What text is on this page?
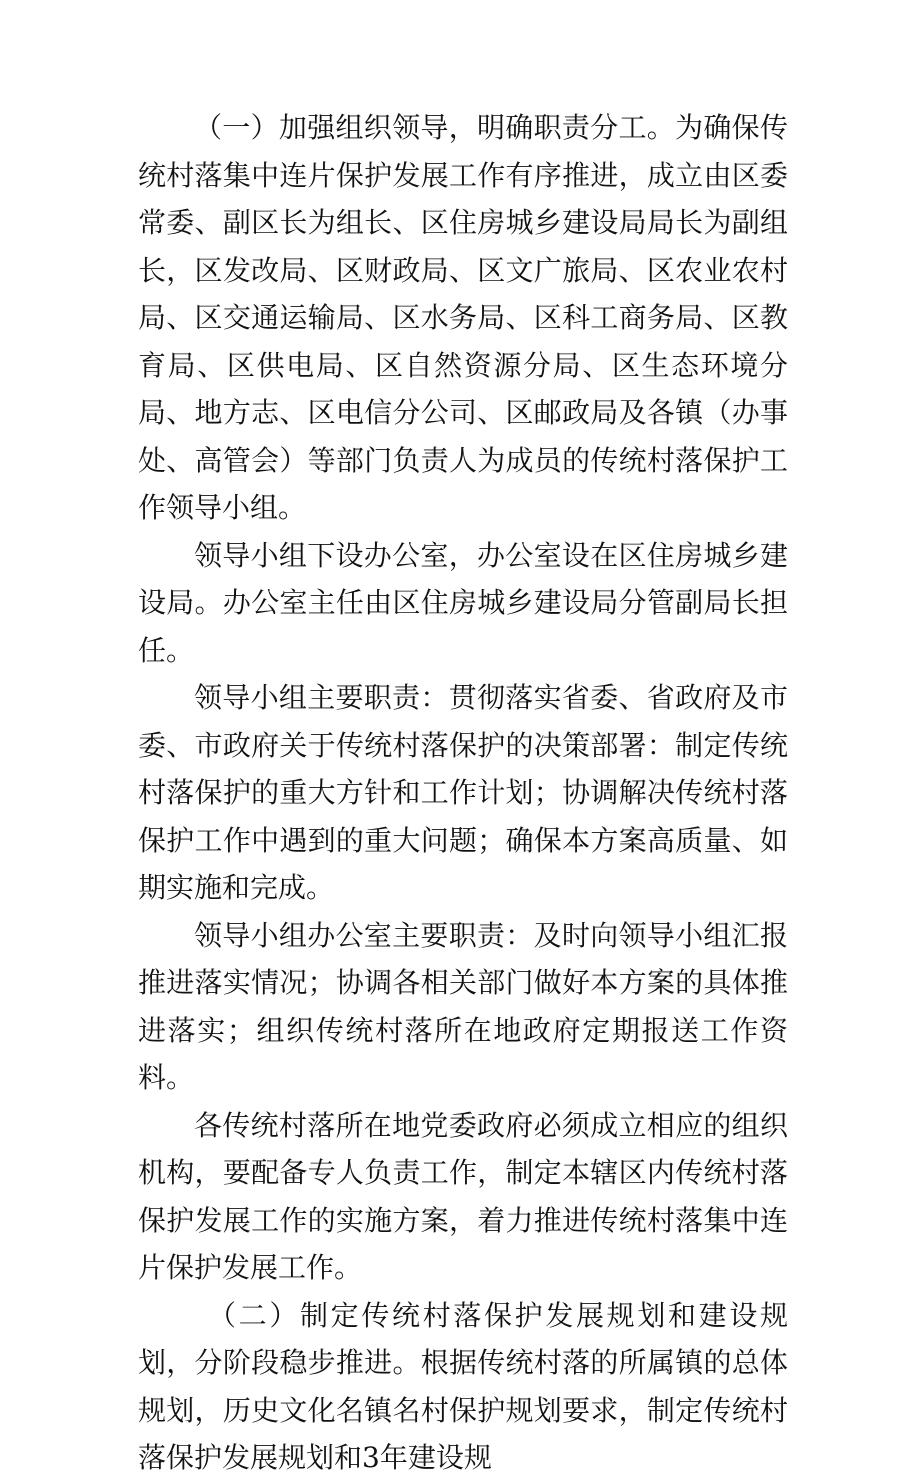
（一）加强组织领导，明确职责分工。为确保传统村落集中连片保护发展工作有序推进，成立由区委常委、副区长为组长、区住房城乡建设局局长为副组长，区发改局、区财政局、区文广旅局、区农业农村局、区交通运输局、区水务局、区科工商务局、区教育局、区供电局、区自然资源分局、区生态环境分局、地方志、区电信分公司、区邮政局及各镇（办事处、高管会）等部门负责人为成员的传统村落保护工作领导小组。

领导小组下设办公室，办公室设在区住房城乡建设局。办公室主任由区住房城乡建设局分管副局长担任。

领导小组主要职责：贯彻落实省委、省政府及市委、市政府关于传统村落保护的决策部署：制定传统村落保护的重大方针和工作计划；协调解决传统村落保护工作中遇到的重大问题；确保本方案高质量、如期实施和完成。

领导小组办公室主要职责：及时向领导小组汇报推进落实情况；协调各相关部门做好本方案的具体推进落实；组织传统村落所在地政府定期报送工作资料。

各传统村落所在地党委政府必须成立相应的组织机构，要配备专人负责工作，制定本辖区内传统村落保护发展工作的实施方案，着力推进传统村落集中连片保护发展工作。

（二）制定传统村落保护发展规划和建设规划，分阶段稳步推进。根据传统村落的所属镇的总体规划，历史文化名镇名村保护规划要求，制定传统村落保护发展规划和3年建设规
